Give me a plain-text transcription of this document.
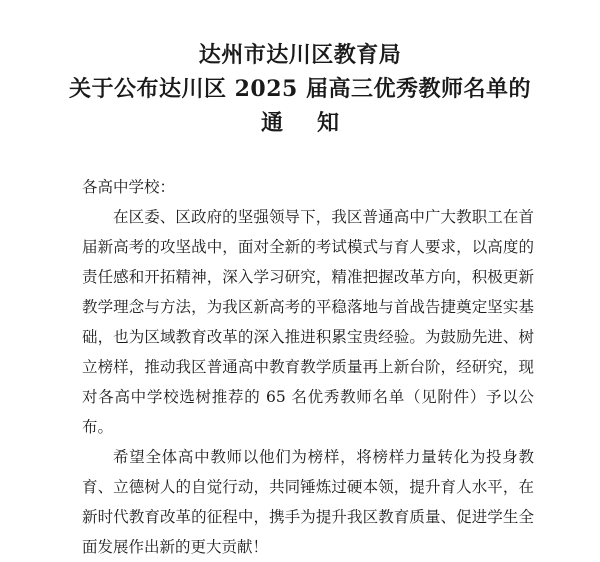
达州市达川区教育局

关于公布达川区 2025 届高三优秀教师名单的

通知

各高中学校：

在区委、区政府的坚强领导下，我区普通高中广大教职工在首届新高考的攻坚战中，面对全新的考试模式与育人要求，以高度的责任感和开拓精神，深入学习研究，精准把握改革方向，积极更新教学理念与方法，为我区新高考的平稳落地与首战告捷奠定坚实基础，也为区域教育改革的深入推进积累宝贵经验。为鼓励先进、树立榜样，推动我区普通高中教育教学质量再上新台阶，经研究，现对各高中学校选树推荐的 65 名优秀教师名单（见附件）予以公布。

希望全体高中教师以他们为榜样，将榜样力量转化为投身教育、立德树人的自觉行动，共同锤炼过硬本领，提升育人水平，在新时代教育改革的征程中，携手为提升我区教育质量、促进学生全面发展作出新的更大贡献！
